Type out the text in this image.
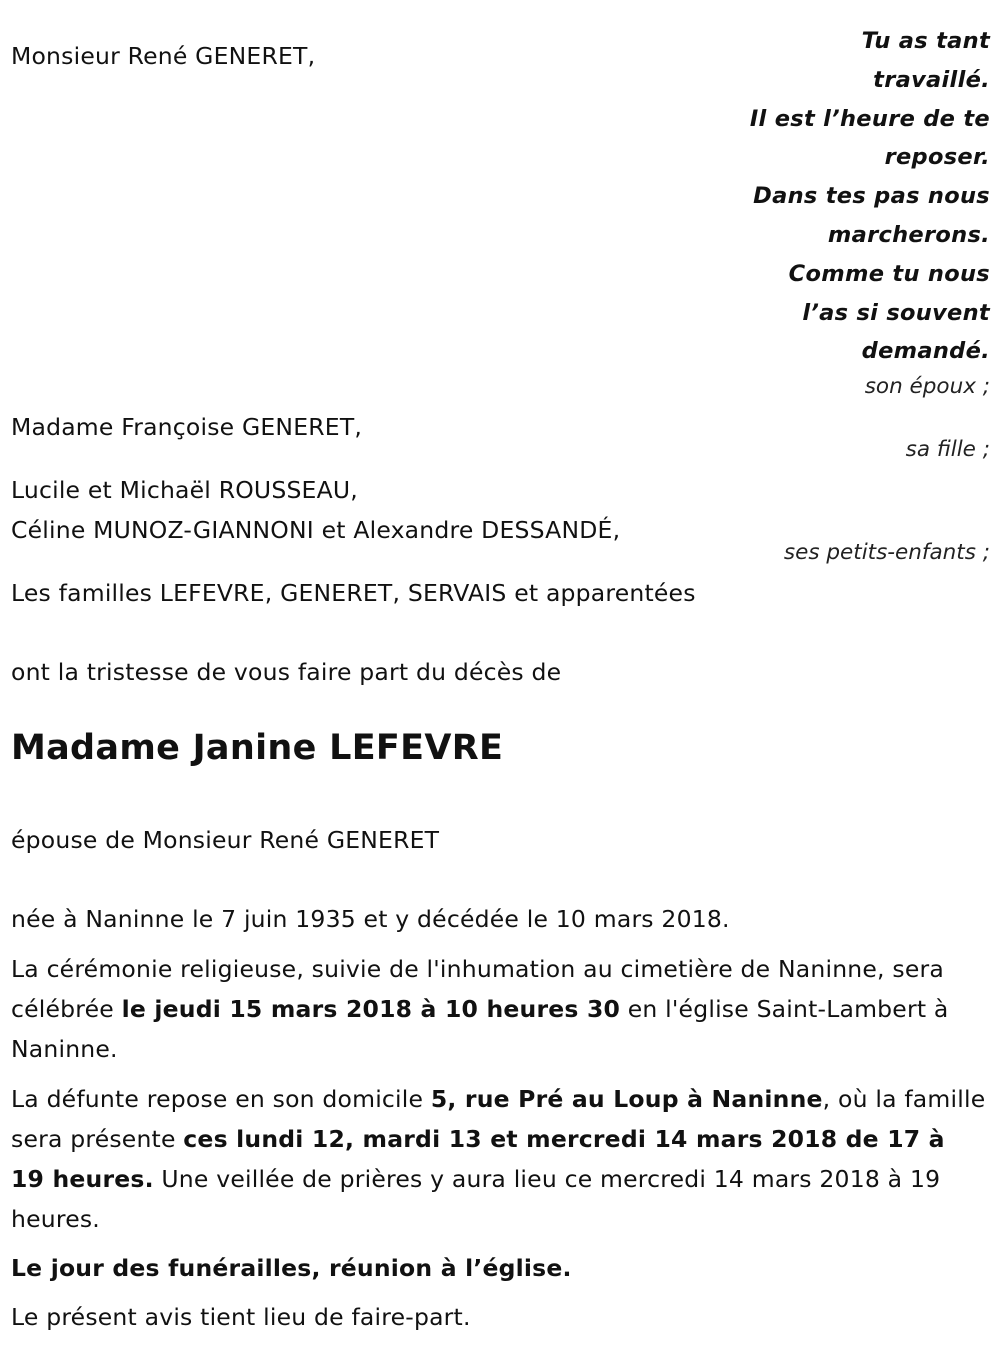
Tu as tant
travaillé.
Il est l’heure de te
reposer.
Dans tes pas nous
marcherons.
Comme tu nous
l’as si souvent
demandé.
Monsieur René GENERET,
son époux ;
Madame Françoise GENERET,
sa fille ;
Lucile et Michaël ROUSSEAU,
Céline MUNOZ-GIANNONI et Alexandre DESSANDÉ,
ses petits-enfants ;
Les familles LEFEVRE, GENERET, SERVAIS et apparentées
ont la tristesse de vous faire part du décès de
Madame Janine LEFEVRE
épouse de Monsieur René GENERET
née à Naninne le 7 juin 1935 et y décédée le 10 mars 2018.
La cérémonie religieuse, suivie de l'inhumation au cimetière de Naninne, sera célébrée le jeudi 15 mars 2018 à 10 heures 30 en l'église Saint-Lambert à Naninne.
La défunte repose en son domicile 5, rue Pré au Loup à Naninne, où la famille sera présente ces lundi 12, mardi 13 et mercredi 14 mars 2018 de 17 à 19 heures. Une veillée de prières y aura lieu ce mercredi 14 mars 2018 à 19 heures.
Le jour des funérailles, réunion à l’église.
Le présent avis tient lieu de faire-part.
